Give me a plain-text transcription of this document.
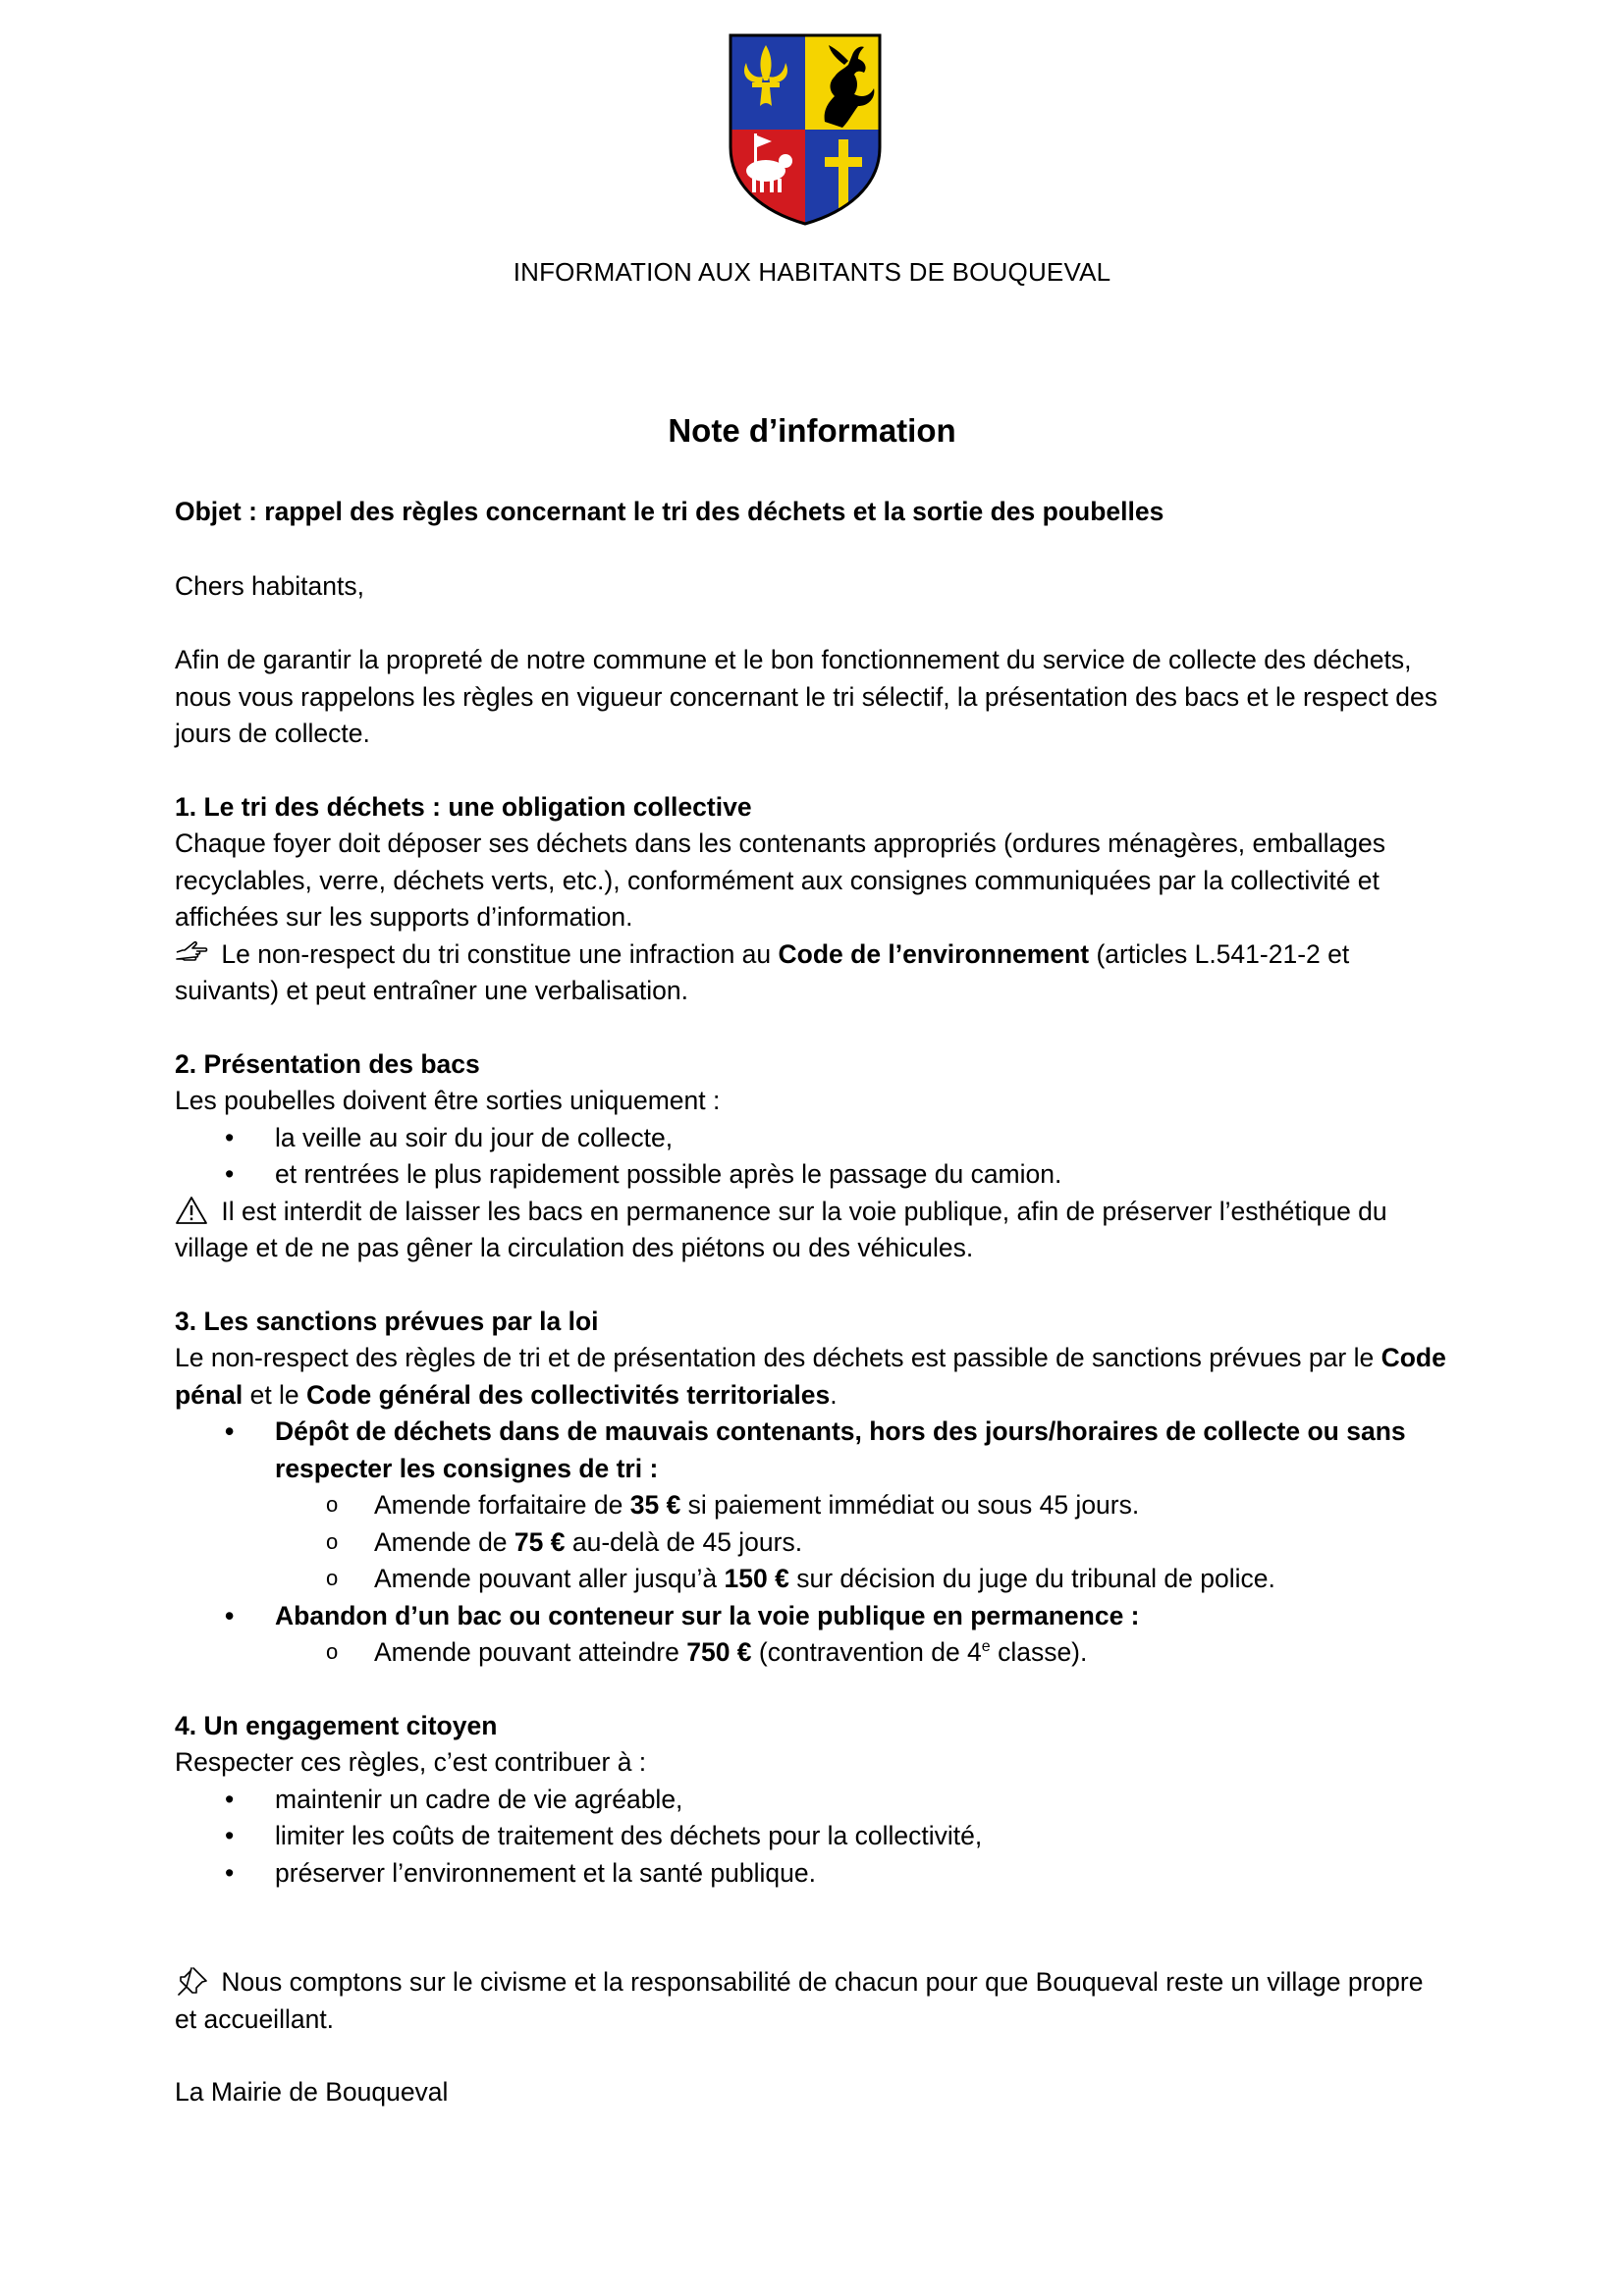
INFORMATION AUX HABITANTS DE BOUQUEVAL
Note d’information

Objet : rappel des règles concernant le tri des déchets et la sortie des poubelles

Chers habitants,

Afin de garantir la propreté de notre commune et le bon fonctionnement du service de collecte des déchets, nous vous rappelons les règles en vigueur concernant le tri sélectif, la présentation des bacs et le respect des jours de collecte.

1. Le tri des déchets : une obligation collective

Chaque foyer doit déposer ses déchets dans les contenants appropriés (ordures ménagères, emballages recyclables, verre, déchets verts, etc.), conformément aux consignes communiquées par la collectivité et affichées sur les supports d’information.

Le non-respect du tri constitue une infraction au Code de l’environnement (articles L.541-21-2 et suivants) et peut entraîner une verbalisation.

2. Présentation des bacs

Les poubelles doivent être sorties uniquement :

• la veille au soir du jour de collecte,
• et rentrées le plus rapidement possible après le passage du camion.

Il est interdit de laisser les bacs en permanence sur la voie publique, afin de préserver l’esthétique du village et de ne pas gêner la circulation des piétons ou des véhicules.

3. Les sanctions prévues par la loi

Le non-respect des règles de tri et de présentation des déchets est passible de sanctions prévues par le Code pénal et le Code général des collectivités territoriales.

• Dépôt de déchets dans de mauvais contenants, hors des jours/horaires de collecte ou sans respecter les consignes de tri :
o Amende forfaitaire de 35 € si paiement immédiat ou sous 45 jours.
o Amende de 75 € au-delà de 45 jours.
o Amende pouvant aller jusqu’à 150 € sur décision du juge du tribunal de police.
• Abandon d’un bac ou conteneur sur la voie publique en permanence :
o Amende pouvant atteindre 750 € (contravention de 4e classe).

4. Un engagement citoyen

Respecter ces règles, c’est contribuer à :

• maintenir un cadre de vie agréable,
• limiter les coûts de traitement des déchets pour la collectivité,
• préserver l’environnement et la santé publique.

Nous comptons sur le civisme et la responsabilité de chacun pour que Bouqueval reste un village propre et accueillant.

La Mairie de Bouqueval
